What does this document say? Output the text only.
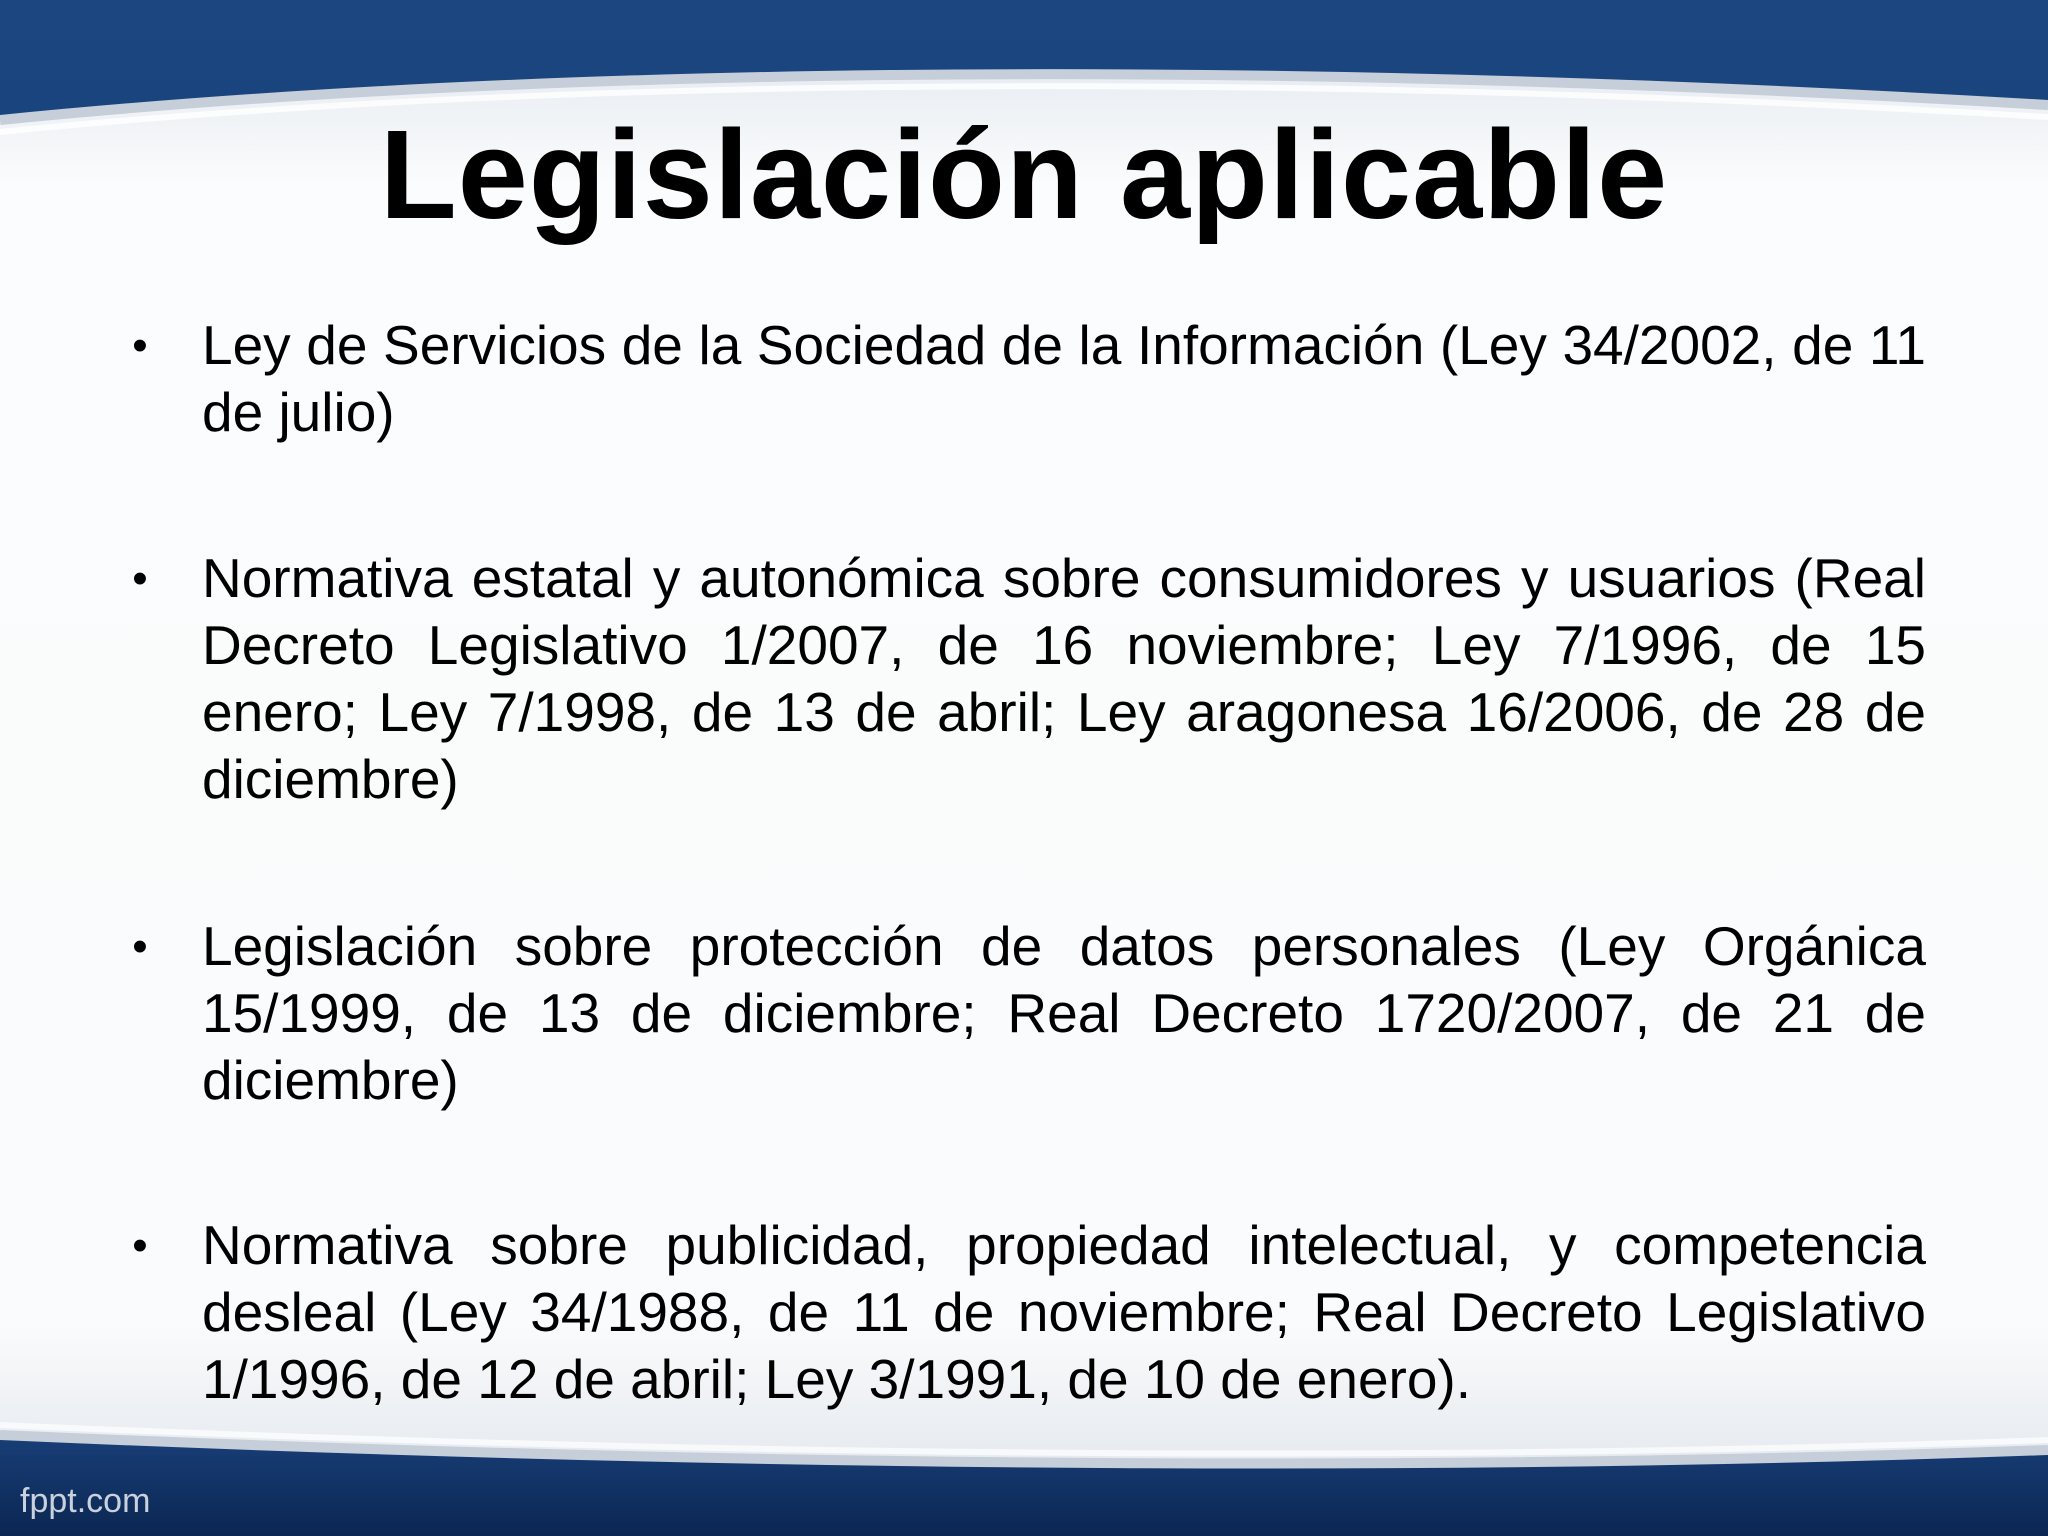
Legislación aplicable
• Ley de Servicios de la Sociedad de la Información (Ley 34/2002, de 11 de julio)
• Normativa estatal y autonómica sobre consumidores y usuarios (Real Decreto Legislativo 1/2007, de 16 noviembre; Ley 7/1996, de 15 enero; Ley 7/1998, de 13 de abril; Ley aragonesa 16/2006, de 28 de diciembre)
• Legislación sobre protección de datos personales (Ley Orgánica 15/1999, de 13 de diciembre; Real Decreto 1720/2007, de 21 de diciembre)
• Normativa sobre publicidad, propiedad intelectual, y competencia desleal (Ley 34/1988, de 11 de noviembre; Real Decreto Legislativo 1/1996, de 12 de abril; Ley 3/1991, de 10 de enero).
fppt.com
